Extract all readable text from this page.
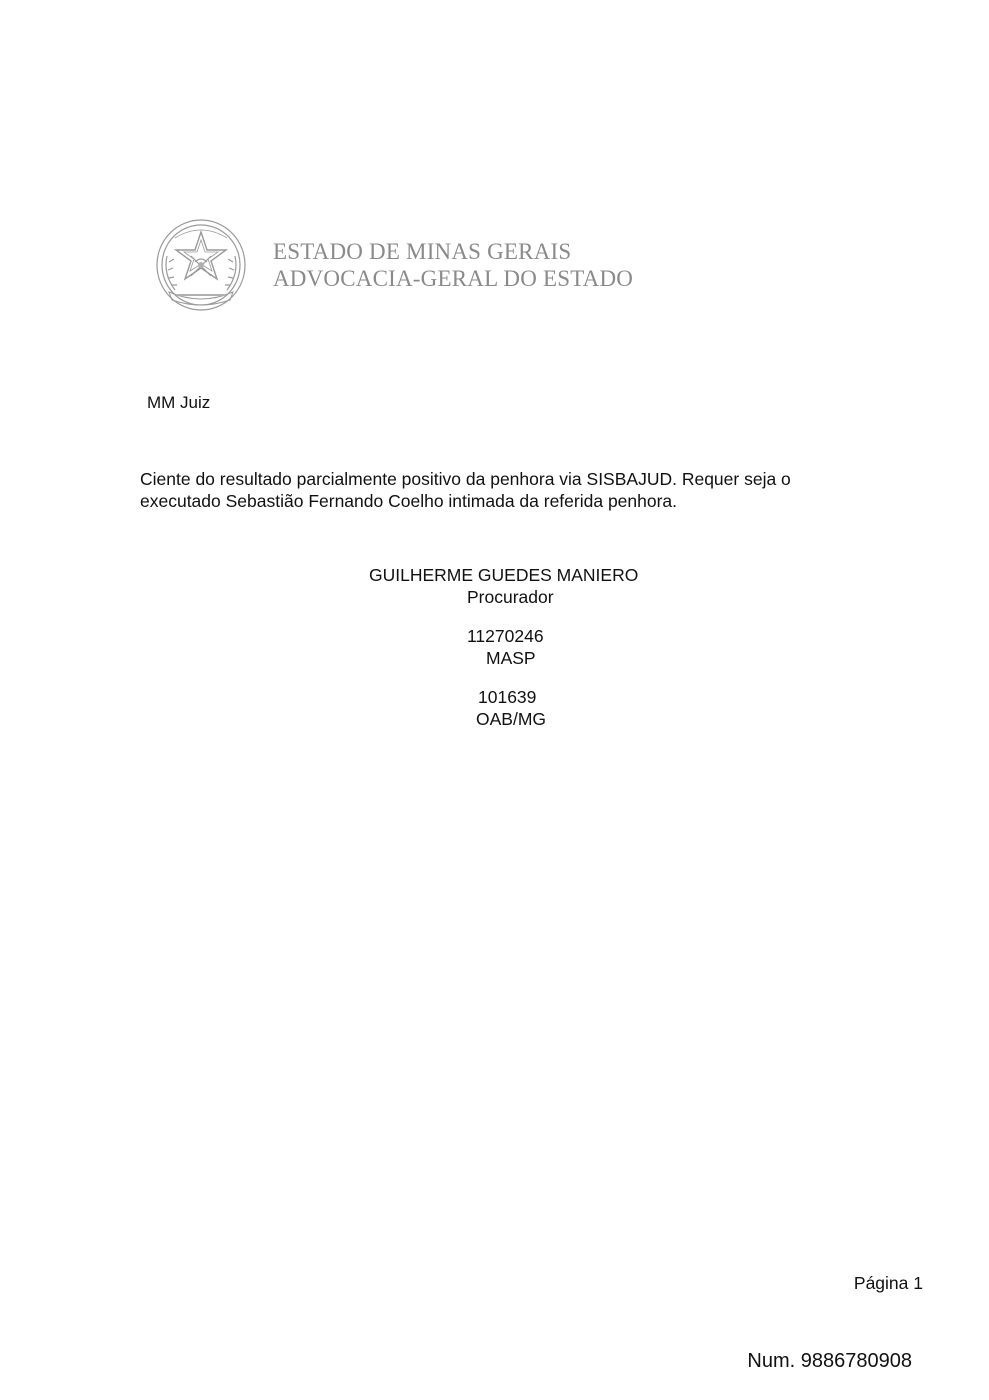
ESTADO DE MINAS GERAIS
ADVOCACIA-GERAL DO ESTADO
MM Juiz
Ciente do resultado parcialmente positivo da penhora via SISBAJUD. Requer seja o
executado Sebastião Fernando Coelho intimada da referida penhora.
GUILHERME GUEDES MANIERO
Procurador
11270246
MASP
101639
OAB/MG
Página 1
Num. 9886780908
